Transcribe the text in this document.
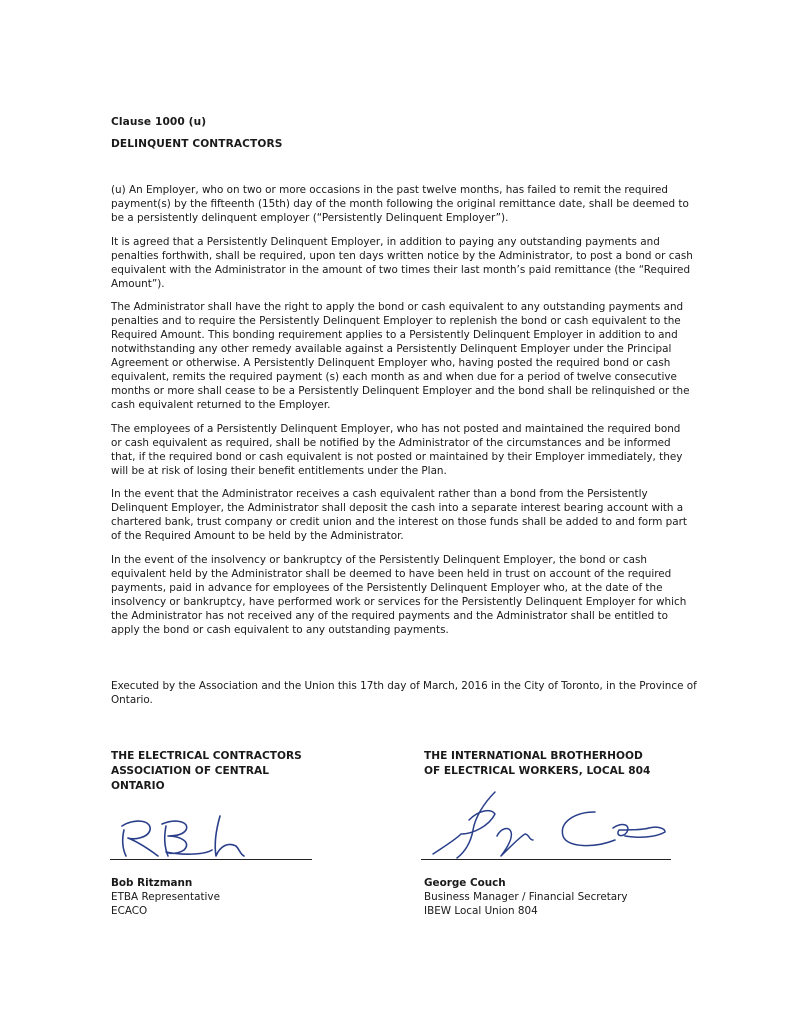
Clause 1000 (u)
DELINQUENT CONTRACTORS

(u) An Employer, who on two or more occasions in the past twelve months, has failed to remit the required payment(s) by the fifteenth (15th) day of the month following the original remittance date, shall be deemed to be a persistently delinquent employer (“Persistently Delinquent Employer”).

It is agreed that a Persistently Delinquent Employer, in addition to paying any outstanding payments and penalties forthwith, shall be required, upon ten days written notice by the Administrator, to post a bond or cash equivalent with the Administrator in the amount of two times their last month’s paid remittance (the “Required Amount”).

The Administrator shall have the right to apply the bond or cash equivalent to any outstanding payments and penalties and to require the Persistently Delinquent Employer to replenish the bond or cash equivalent to the Required Amount. This bonding requirement applies to a Persistently Delinquent Employer in addition to and notwithstanding any other remedy available against a Persistently Delinquent Employer under the Principal Agreement or otherwise. A Persistently Delinquent Employer who, having posted the required bond or cash equivalent, remits the required payment (s) each month as and when due for a period of twelve consecutive months or more shall cease to be a Persistently Delinquent Employer and the bond shall be relinquished or the cash equivalent returned to the Employer.

The employees of a Persistently Delinquent Employer, who has not posted and maintained the required bond or cash equivalent as required, shall be notified by the Administrator of the circumstances and be informed that, if the required bond or cash equivalent is not posted or maintained by their Employer immediately, they will be at risk of losing their benefit entitlements under the Plan.

In the event that the Administrator receives a cash equivalent rather than a bond from the Persistently Delinquent Employer, the Administrator shall deposit the cash into a separate interest bearing account with a chartered bank, trust company or credit union and the interest on those funds shall be added to and form part of the Required Amount to be held by the Administrator.

In the event of the insolvency or bankruptcy of the Persistently Delinquent Employer, the bond or cash equivalent held by the Administrator shall be deemed to have been held in trust on account of the required payments, paid in advance for employees of the Persistently Delinquent Employer who, at the date of the insolvency or bankruptcy, have performed work or services for the Persistently Delinquent Employer for which the Administrator has not received any of the required payments and the Administrator shall be entitled to apply the bond or cash equivalent to any outstanding payments.

Executed by the Association and the Union this 17th day of March, 2016 in the City of Toronto, in the Province of Ontario.

THE ELECTRICAL CONTRACTORS
ASSOCIATION OF CENTRAL
ONTARIO
THE INTERNATIONAL BROTHERHOOD
OF ELECTRICAL WORKERS, LOCAL 804
Bob Ritzmann
ETBA Representative
ECACO
George Couch
Business Manager / Financial Secretary
IBEW Local Union 804
